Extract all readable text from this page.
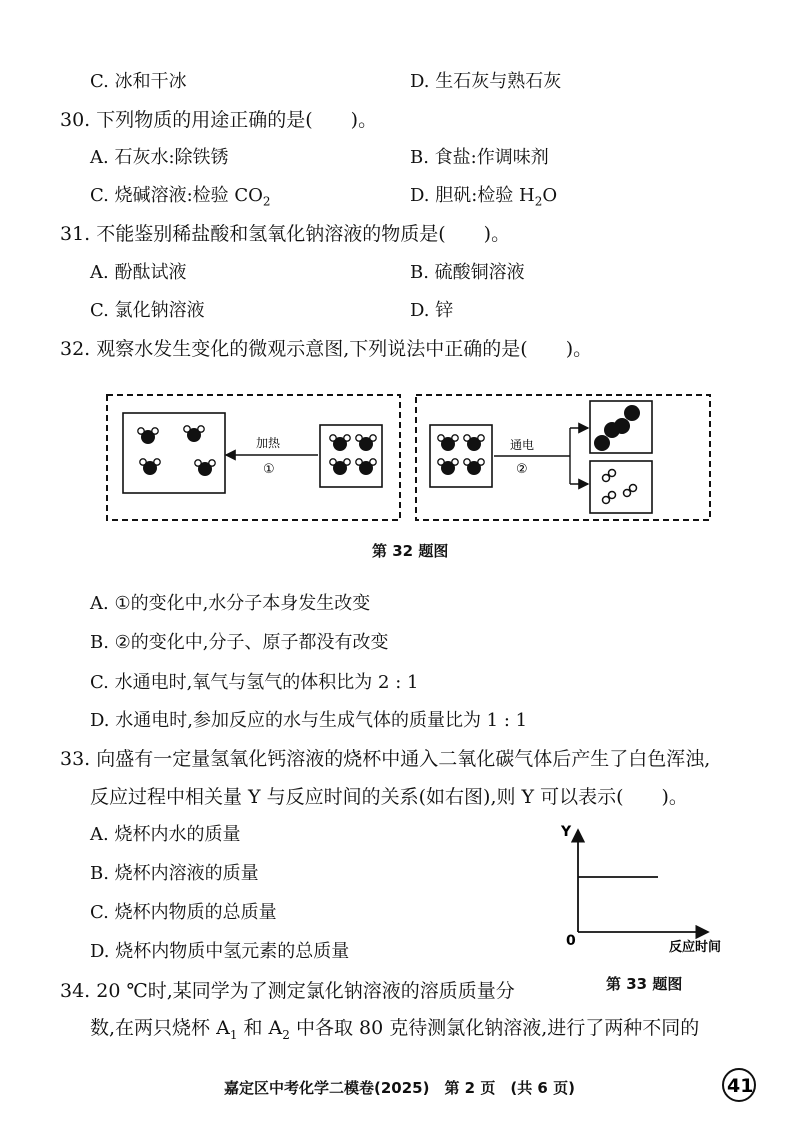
C. 冰和干冰	D. 生石灰与熟石灰
30. 下列物质的用途正确的是(　　)。
A. 石灰水:除铁锈	B. 食盐:作调味剂
C. 烧碱溶液:检验 $CO_2$	D. 胆矾:检验 $H_2O$
31. 不能鉴别稀盐酸和氢氧化钠溶液的物质是(　　)。
A. 酚酞试液	B. 硫酸铜溶液
C. 氯化钠溶液	D. 锌
32. 观察水发生变化的微观示意图,下列说法中正确的是(　　)。
加热
①
通电
②
Y
0	反应时间
41
第 32 题图
A. ①的变化中,水分子本身发生改变
B. ②的变化中,分子、原子都没有改变
C. 水通电时,氧气与氢气的体积比为 2 : 1
D. 水通电时,参加反应的水与生成气体的质量比为 1 : 1
33. 向盛有一定量氢氧化钙溶液的烧杯中通入二氧化碳气体后产生了白色浑浊,
反应过程中相关量 Y 与反应时间的关系(如右图),则 Y 可以表示(　　)。
A. 烧杯内水的质量
B. 烧杯内溶液的质量
C. 烧杯内物质的总质量
D. 烧杯内物质中氢元素的总质量
第 33 题图
34. 20 ℃时,某同学为了测定氯化钠溶液的溶质质量分
数,在两只烧杯 $A_1$ 和 $A_2$ 中各取 80 克待测氯化钠溶液,进行了两种不同的
嘉定区中考化学二模卷(2025)　第 2 页　(共 6 页)
